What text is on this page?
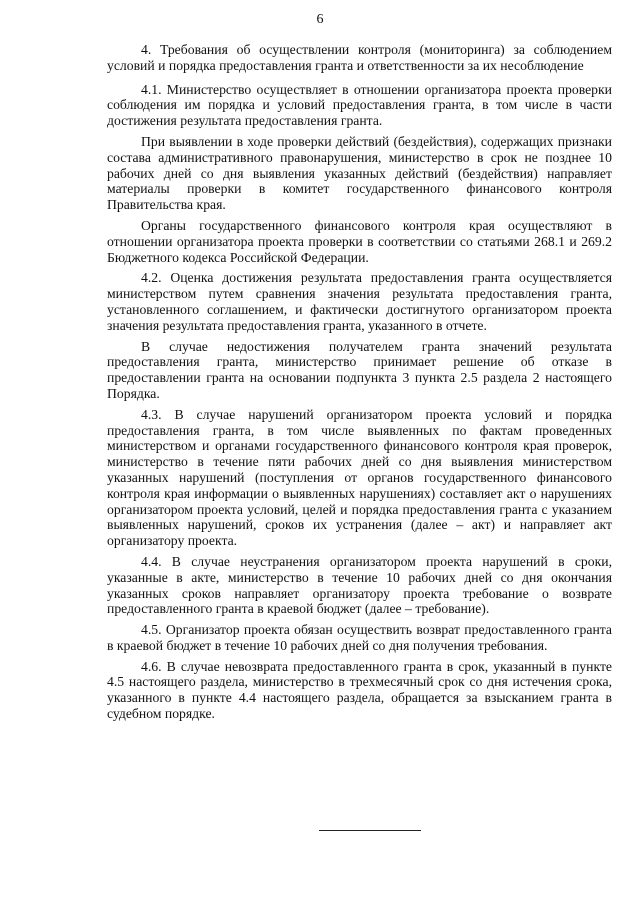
6

4. Требования об осуществлении контроля (мониторинга) за соблюдением условий и порядка предоставления гранта и ответственности за их несоблюдение

4.1. Министерство осуществляет в отношении организатора проекта проверки соблюдения им порядка и условий предоставления гранта, в том числе в части достижения результата предоставления гранта.

При выявлении в ходе проверки действий (бездействия), содержащих признаки состава административного правонарушения, министерство в срок не позднее 10 рабочих дней со дня выявления указанных действий (бездействия) направляет материалы проверки в комитет государственного финансового контроля Правительства края.

Органы государственного финансового контроля края осуществляют в отношении организатора проекта проверки в соответствии со статьями 268.1 и 269.2 Бюджетного кодекса Российской Федерации.

4.2. Оценка достижения результата предоставления гранта осуществляется министерством путем сравнения значения результата предоставления гранта, установленного соглашением, и фактически достигнутого организатором проекта значения результата предоставления гранта, указанного в отчете.

В случае недостижения получателем гранта значений результата предоставления гранта, министерство принимает решение об отказе в предоставлении гранта на основании подпункта 3 пункта 2.5 раздела 2 настоящего Порядка.

4.3. В случае нарушений организатором проекта условий и порядка предоставления гранта, в том числе выявленных по фактам проведенных министерством и органами государственного финансового контроля края проверок, министерство в течение пяти рабочих дней со дня выявления министерством указанных нарушений (поступления от органов государственного финансового контроля края информации о выявленных нарушениях) составляет акт о нарушениях организатором проекта условий, целей и порядка предоставления гранта с указанием выявленных нарушений, сроков их устранения (далее – акт) и направляет акт организатору проекта.

4.4. В случае неустранения организатором проекта нарушений в сроки, указанные в акте, министерство в течение 10 рабочих дней со дня окончания указанных сроков направляет организатору проекта требование о возврате предоставленного гранта в краевой бюджет (далее – требование).

4.5. Организатор проекта обязан осуществить возврат предоставленного гранта в краевой бюджет в течение 10 рабочих дней со дня получения требования.

4.6. В случае невозврата предоставленного гранта в срок, указанный в пункте 4.5 настоящего раздела, министерство в трехмесячный срок со дня истечения срока, указанного в пункте 4.4 настоящего раздела, обращается за взысканием гранта в судебном порядке.
